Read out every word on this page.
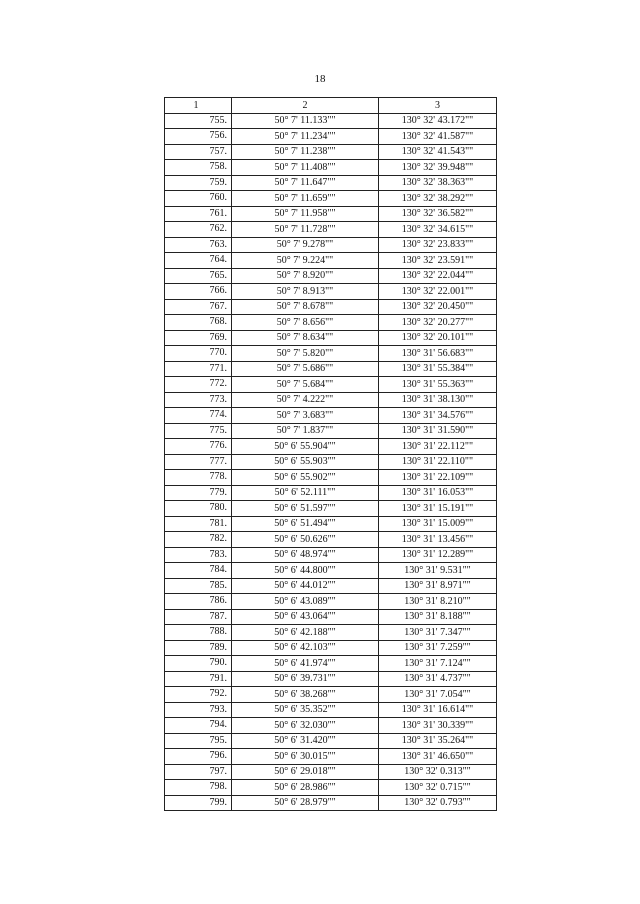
18
1	2	3
755.	50° 7' 11.133""	130° 32' 43.172""
756.	50° 7' 11.234""	130° 32' 41.587""
757.	50° 7' 11.238""	130° 32' 41.543""
758.	50° 7' 11.408""	130° 32' 39.948""
759.	50° 7' 11.647""	130° 32' 38.363""
760.	50° 7' 11.659""	130° 32' 38.292""
761.	50° 7' 11.958""	130° 32' 36.582""
762.	50° 7' 11.728""	130° 32' 34.615""
763.	50° 7' 9.278""	130° 32' 23.833""
764.	50° 7' 9.224""	130° 32' 23.591""
765.	50° 7' 8.920""	130° 32' 22.044""
766.	50° 7' 8.913""	130° 32' 22.001""
767.	50° 7' 8.678""	130° 32' 20.450""
768.	50° 7' 8.656""	130° 32' 20.277""
769.	50° 7' 8.634""	130° 32' 20.101""
770.	50° 7' 5.820""	130° 31' 56.683""
771.	50° 7' 5.686""	130° 31' 55.384""
772.	50° 7' 5.684""	130° 31' 55.363""
773.	50° 7' 4.222""	130° 31' 38.130""
774.	50° 7' 3.683""	130° 31' 34.576""
775.	50° 7' 1.837""	130° 31' 31.590""
776.	50° 6' 55.904""	130° 31' 22.112""
777.	50° 6' 55.903""	130° 31' 22.110""
778.	50° 6' 55.902""	130° 31' 22.109""
779.	50° 6' 52.111""	130° 31' 16.053""
780.	50° 6' 51.597""	130° 31' 15.191""
781.	50° 6' 51.494""	130° 31' 15.009""
782.	50° 6' 50.626""	130° 31' 13.456""
783.	50° 6' 48.974""	130° 31' 12.289""
784.	50° 6' 44.800""	130° 31' 9.531""
785.	50° 6' 44.012""	130° 31' 8.971""
786.	50° 6' 43.089""	130° 31' 8.210""
787.	50° 6' 43.064""	130° 31' 8.188""
788.	50° 6' 42.188""	130° 31' 7.347""
789.	50° 6' 42.103""	130° 31' 7.259""
790.	50° 6' 41.974""	130° 31' 7.124""
791.	50° 6' 39.731""	130° 31' 4.737""
792.	50° 6' 38.268""	130° 31' 7.054""
793.	50° 6' 35.352""	130° 31' 16.614""
794.	50° 6' 32.030""	130° 31' 30.339""
795.	50° 6' 31.420""	130° 31' 35.264""
796.	50° 6' 30.015""	130° 31' 46.650""
797.	50° 6' 29.018""	130° 32' 0.313""
798.	50° 6' 28.986""	130° 32' 0.715""
799.	50° 6' 28.979""	130° 32' 0.793""
